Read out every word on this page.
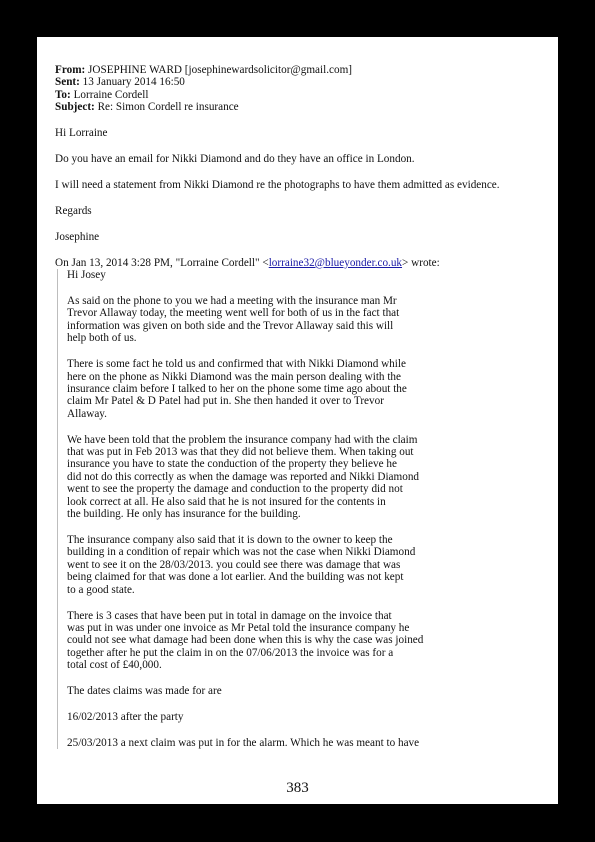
From: JOSEPHINE WARD [josephinewardsolicitor@gmail.com]
Sent: 13 January 2014 16:50
To: Lorraine Cordell
Subject: Re: Simon Cordell re insurance

Hi Lorraine

Do you have an email for Nikki Diamond and do they have an office in London.

I will need a statement from Nikki Diamond re the photographs to have them admitted as evidence.

Regards

Josephine

On Jan 13, 2014 3:28 PM, "Lorraine Cordell" <lorraine32@blueyonder.co.uk> wrote:

Hi Josey
As said on the phone to you we had a meeting with the insurance man Mr
Trevor Allaway today, the meeting went well for both of us in the fact that
information was given on both side and the Trevor Allaway said this will
help both of us.
There is some fact he told us and confirmed that with Nikki Diamond while
here on the phone as Nikki Diamond was the main person dealing with the
insurance claim before I talked to her on the phone some time ago about the
claim Mr Patel & D Patel had put in. She then handed it over to Trevor
Allaway.
We have been told that the problem the insurance company had with the claim
that was put in Feb 2013 was that they did not believe them. When taking out
insurance you have to state the conduction of the property they believe he
did not do this correctly as when the damage was reported and Nikki Diamond
went to see the property the damage and conduction to the property did not
look correct at all. He also said that he is not insured for the contents in
the building. He only has insurance for the building.
The insurance company also said that it is down to the owner to keep the
building in a condition of repair which was not the case when Nikki Diamond
went to see it on the 28/03/2013. you could see there was damage that was
being claimed for that was done a lot earlier. And the building was not kept
to a good state.
There is 3 cases that have been put in total in damage on the invoice that
was put in was under one invoice as Mr Petal told the insurance company he
could not see what damage had been done when this is why the case was joined
together after he put the claim in on the 07/06/2013 the invoice was for a
total cost of £40,000.
The dates claims was made for are
16/02/2013 after the party
25/03/2013 a next claim was put in for the alarm. Which he was meant to have
383
